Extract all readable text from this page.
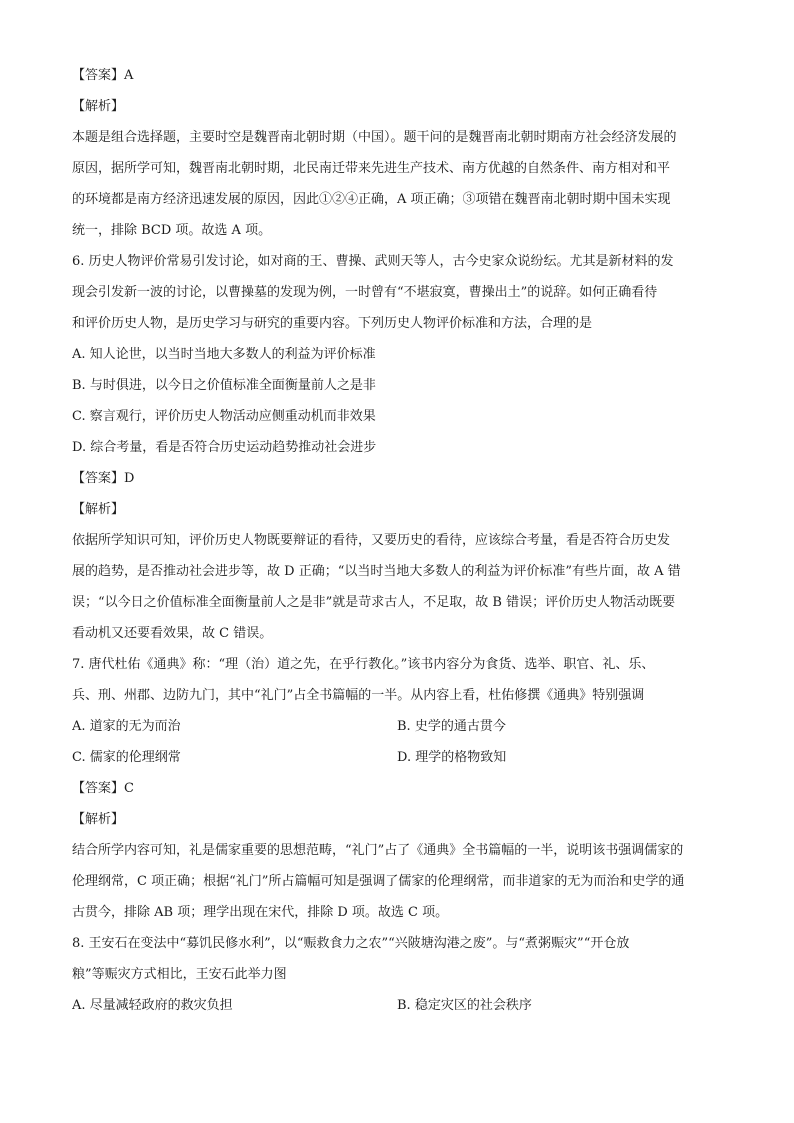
【答案】A
【解析】
本题是组合选择题，主要时空是魏晋南北朝时期（中国）。题干问的是魏晋南北朝时期南方社会经济发展的
原因，据所学可知，魏晋南北朝时期，北民南迁带来先进生产技术、南方优越的自然条件、南方相对和平
的环境都是南方经济迅速发展的原因，因此①②④正确，A 项正确；③项错在魏晋南北朝时期中国未实现
统一，排除 BCD 项。故选 A 项。
6. 历史人物评价常易引发讨论，如对商的王、曹操、武则天等人，古今史家众说纷纭。尤其是新材料的发
现会引发新一波的讨论，以曹操墓的发现为例，一时曾有“不堪寂寞，曹操出土”的说辞。如何正确看待
和评价历史人物，是历史学习与研究的重要内容。下列历史人物评价标准和方法，合理的是
A. 知人论世，以当时当地大多数人的利益为评价标准
B. 与时俱进，以今日之价值标准全面衡量前人之是非
C. 察言观行，评价历史人物活动应侧重动机而非效果
D. 综合考量，看是否符合历史运动趋势推动社会进步
【答案】D
【解析】
依据所学知识可知，评价历史人物既要辩证的看待，又要历史的看待，应该综合考量，看是否符合历史发
展的趋势，是否推动社会进步等，故 D 正确；“以当时当地大多数人的利益为评价标准”有些片面，故 A 错
误；“以今日之价值标准全面衡量前人之是非”就是苛求古人，不足取，故 B 错误；评价历史人物活动既要
看动机又还要看效果，故 C 错误。
7. 唐代杜佑《通典》称：“理（治）道之先，在乎行教化。”该书内容分为食货、选举、职官、礼、乐、
兵、刑、州郡、边防九门，其中“礼门”占全书篇幅的一半。从内容上看，杜佑修撰《通典》特别强调
A. 道家的无为而治	B. 史学的通古贯今
C. 儒家的伦理纲常	D. 理学的格物致知
【答案】C
【解析】
结合所学内容可知，礼是儒家重要的思想范畴，“礼门”占了《通典》全书篇幅的一半，说明该书强调儒家的
伦理纲常，C 项正确；根据“礼门”所占篇幅可知是强调了儒家的伦理纲常，而非道家的无为而治和史学的通
古贯今，排除 AB 项；理学出现在宋代，排除 D 项。故选 C 项。
8. 王安石在变法中“募饥民修水利”，以“赈救食力之农”“兴陂塘沟港之废”。与“煮粥赈灾”“开仓放
粮”等赈灾方式相比，王安石此举力图
A. 尽量减轻政府的救灾负担	B. 稳定灾区的社会秩序
